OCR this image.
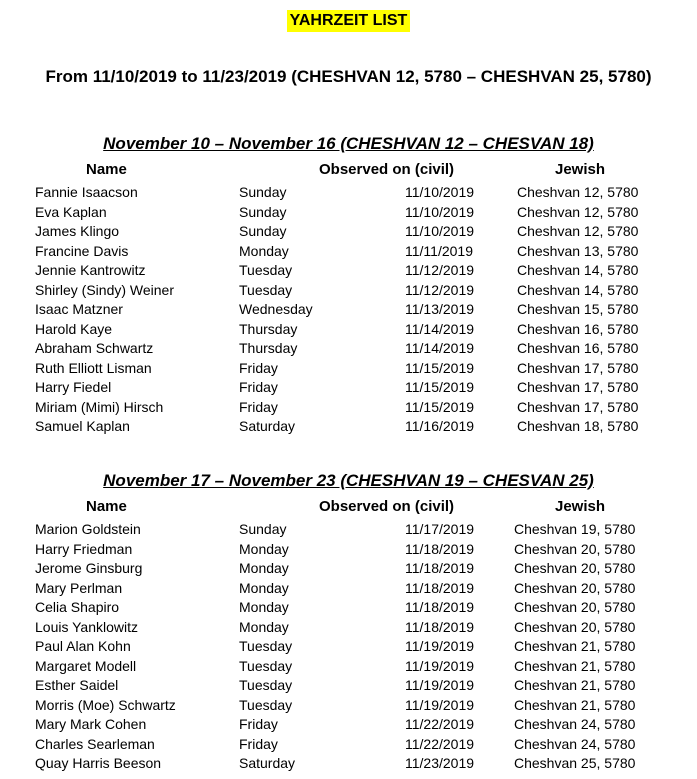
YAHRZEIT LIST
From 11/10/2019 to 11/23/2019 (CHESHVAN 12, 5780 – CHESHVAN 25, 5780)
November 10 – November 16 (CHESHVAN 12 – CHESVAN 18)
Name	Observed on (civil)	Jewish
Fannie Isaacson	Sunday	11/10/2019	Cheshvan 12, 5780
Eva Kaplan	Sunday	11/10/2019	Cheshvan 12, 5780
James Klingo	Sunday	11/10/2019	Cheshvan 12, 5780
Francine Davis	Monday	11/11/2019	Cheshvan 13, 5780
Jennie Kantrowitz	Tuesday	11/12/2019	Cheshvan 14, 5780
Shirley (Sindy) Weiner	Tuesday	11/12/2019	Cheshvan 14, 5780
Isaac Matzner	Wednesday	11/13/2019	Cheshvan 15, 5780
Harold Kaye	Thursday	11/14/2019	Cheshvan 16, 5780
Abraham Schwartz	Thursday	11/14/2019	Cheshvan 16, 5780
Ruth Elliott Lisman	Friday	11/15/2019	Cheshvan 17, 5780
Harry Fiedel	Friday	11/15/2019	Cheshvan 17, 5780
Miriam (Mimi) Hirsch	Friday	11/15/2019	Cheshvan 17, 5780
Samuel Kaplan	Saturday	11/16/2019	Cheshvan 18, 5780
November 17 – November 23 (CHESHVAN 19 – CHESVAN 25)
Name	Observed on (civil)	Jewish
Marion Goldstein	Sunday	11/17/2019	Cheshvan 19, 5780
Harry Friedman	Monday	11/18/2019	Cheshvan 20, 5780
Jerome Ginsburg	Monday	11/18/2019	Cheshvan 20, 5780
Mary Perlman	Monday	11/18/2019	Cheshvan 20, 5780
Celia Shapiro	Monday	11/18/2019	Cheshvan 20, 5780
Louis Yanklowitz	Monday	11/18/2019	Cheshvan 20, 5780
Paul Alan Kohn	Tuesday	11/19/2019	Cheshvan 21, 5780
Margaret Modell	Tuesday	11/19/2019	Cheshvan 21, 5780
Esther Saidel	Tuesday	11/19/2019	Cheshvan 21, 5780
Morris (Moe) Schwartz	Tuesday	11/19/2019	Cheshvan 21, 5780
Mary Mark Cohen	Friday	11/22/2019	Cheshvan 24, 5780
Charles Searleman	Friday	11/22/2019	Cheshvan 24, 5780
Quay Harris Beeson	Saturday	11/23/2019	Cheshvan 25, 5780
